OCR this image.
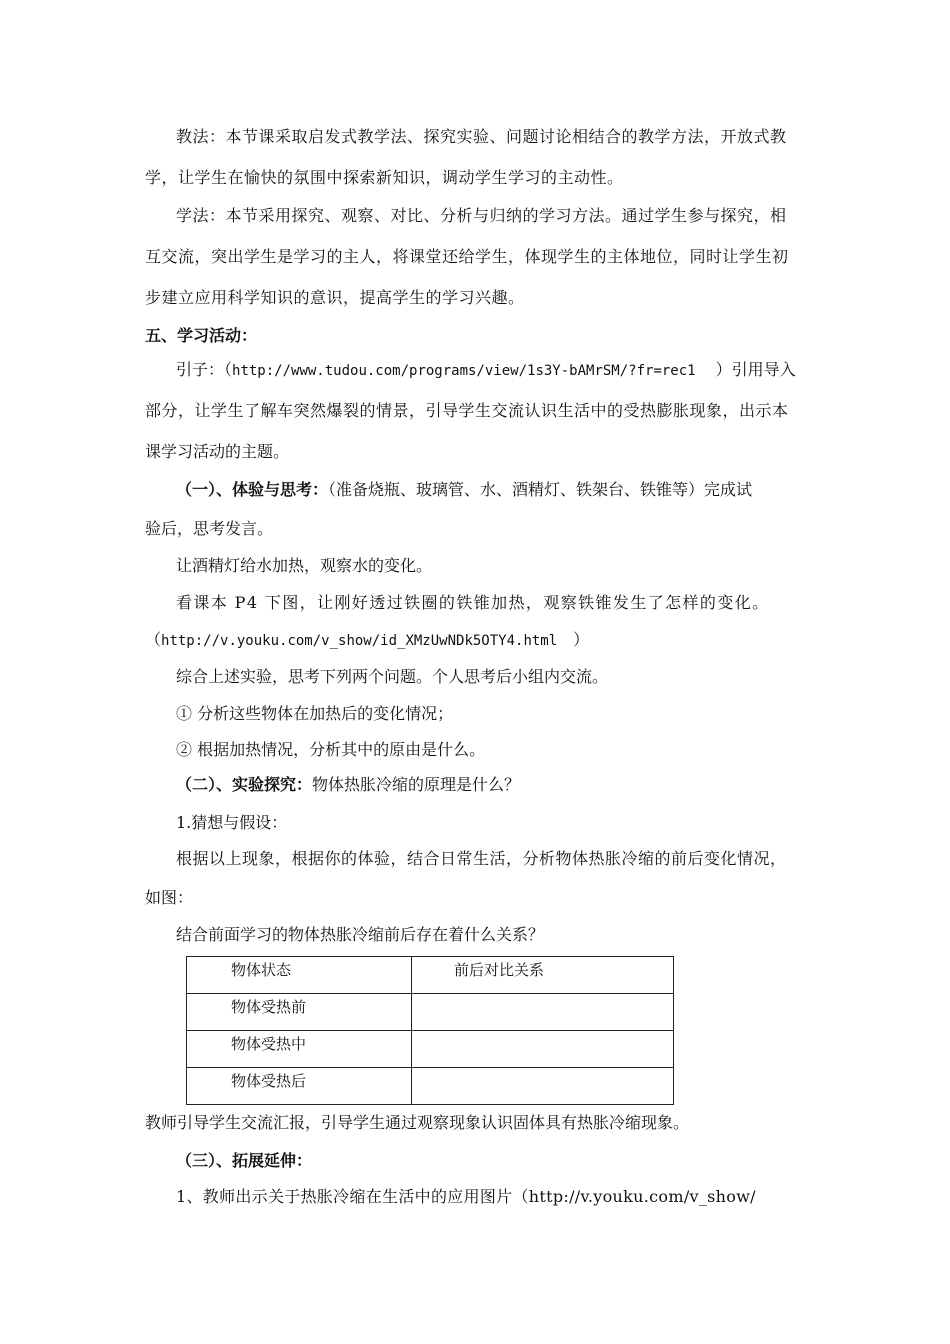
教法：本节课采取启发式教学法、探究实验、问题讨论相结合的教学方法，开放式教
学，让学生在愉快的氛围中探索新知识，调动学生学习的主动性。
学法：本节采用探究、观察、对比、分析与归纳的学习方法。通过学生参与探究，相
互交流，突出学生是学习的主人，将课堂还给学生，体现学生的主体地位，同时让学生初
步建立应用科学知识的意识，提高学生的学习兴趣。
五、学习活动：
引子：（http://www.tudou.com/programs/view/1s3Y-bAMrSM/?fr=rec1 ）引用导入
部分，让学生了解车突然爆裂的情景，引导学生交流认识生活中的受热膨胀现象，出示本
课学习活动的主题。
（一）、体验与思考：（准备烧瓶、玻璃管、水、酒精灯、铁架台、铁锥等）完成试
验后，思考发言。
让酒精灯给水加热，观察水的变化。
看课本 P4 下图，让刚好透过铁圈的铁锥加热，观察铁锥发生了怎样的变化。
（http://v.youku.com/v_show/id_XMzUwNDk5OTY4.html ）
综合上述实验，思考下列两个问题。个人思考后小组内交流。
① 分析这些物体在加热后的变化情况；
② 根据加热情况，分析其中的原由是什么。
（二）、实验探究：物体热胀冷缩的原理是什么？
1.猜想与假设：
根据以上现象，根据你的体验，结合日常生活，分析物体热胀冷缩的前后变化情况，
如图：
结合前面学习的物体热胀冷缩前后存在着什么关系？
物体状态	前后对比关系
物体受热前	
物体受热中	
物体受热后	
教师引导学生交流汇报，引导学生通过观察现象认识固体具有热胀冷缩现象。
（三）、拓展延伸：
1、教师出示关于热胀冷缩在生活中的应用图片（http://v.youku.com/v_show/
